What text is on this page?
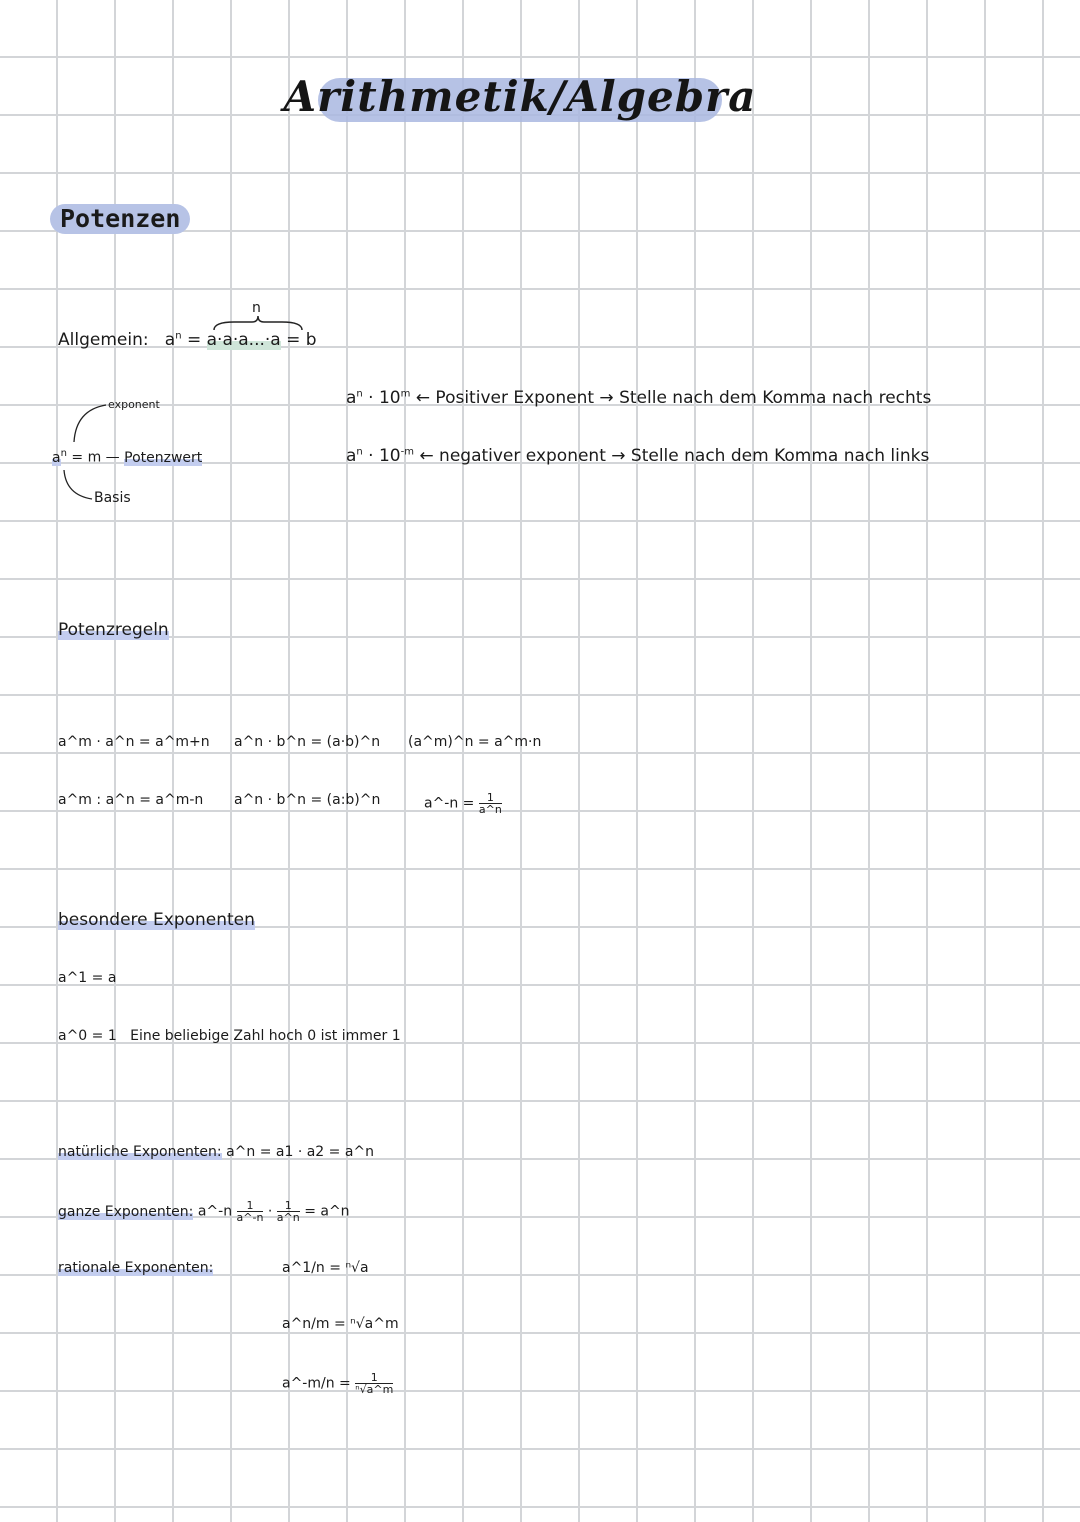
Arithmetik/Algebra
Potenzen
Allgemein: $a^n = a\cdot a\cdot a...\cdot a = b$
n
exponent
$a^n = m$ — Potenzwert
Basis
$a^n \cdot 10^m$ ← Positiver Exponent → Stelle nach dem Komma nach rechts
$a^n \cdot 10^{-m}$ ← negativer exponent → Stelle nach dem Komma nach links
Potenzregeln
a^m · a^n = a^m+n a^n · b^n = (a·b)^n (a^m)^n = a^m·n
a^m : a^n = a^m-n a^n · b^n = (a:b)^n	a^-n = $\frac{1}{a\^{}n}$
besondere Exponenten
a^1 = a
a^0 = 1 Eine beliebige Zahl hoch 0 ist immer 1
natürliche Exponenten: a^n = a1 · a2 = a^n
ganze Exponenten: a^-n $\frac{1}{a\^{}-n} \cdot \frac{1}{a\^{}n}$ = a^n
rationale Exponenten:	a^1/n = ⁿ√a
a^n/m = ⁿ√a^m
a^-m/n = $\frac{1}{\text{ⁿ√a\textasciicircum{}m}}$
